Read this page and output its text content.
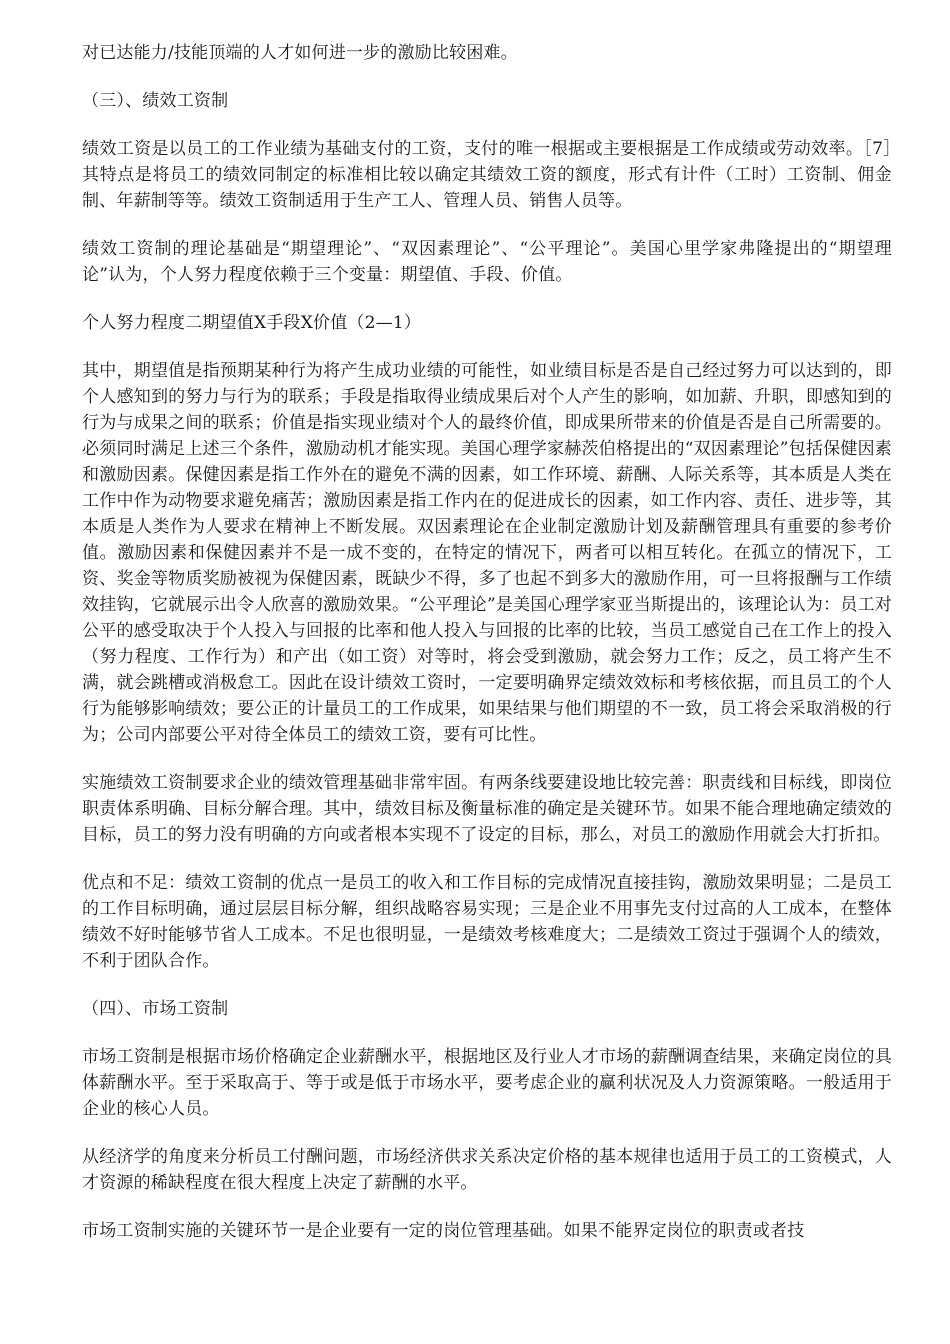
对已达能力/技能顶端的人才如何进一步的激励比较困难。

（三）、绩效工资制

绩效工资是以员工的工作业绩为基础支付的工资，支付的唯一根据或主要根据是工作成绩或劳动效率。［7］其特点是将员工的绩效同制定的标准相比较以确定其绩效工资的额度，形式有计件（工时）工资制、佣金制、年薪制等等。绩效工资制适用于生产工人、管理人员、销售人员等。

绩效工资制的理论基础是“期望理论”、“双因素理论”、“公平理论”。美国心里学家弗隆提出的“期望理论”认为，个人努力程度依赖于三个变量：期望值、手段、价值。

个人努力程度二期望值X手段X价值（2—1）

其中，期望值是指预期某种行为将产生成功业绩的可能性，如业绩目标是否是自己经过努力可以达到的，即个人感知到的努力与行为的联系；手段是指取得业绩成果后对个人产生的影响，如加薪、升职，即感知到的行为与成果之间的联系；价值是指实现业绩对个人的最终价值，即成果所带来的价值是否是自己所需要的。必须同时满足上述三个条件，激励动机才能实现。美国心理学家赫茨伯格提出的“双因素理论”包括保健因素和激励因素。保健因素是指工作外在的避免不满的因素，如工作环境、薪酬、人际关系等，其本质是人类在工作中作为动物要求避免痛苦；激励因素是指工作内在的促进成长的因素，如工作内容、责任、进步等，其本质是人类作为人要求在精神上不断发展。双因素理论在企业制定激励计划及薪酬管理具有重要的参考价值。激励因素和保健因素并不是一成不变的，在特定的情况下，两者可以相互转化。在孤立的情况下，工资、奖金等物质奖励被视为保健因素，既缺少不得，多了也起不到多大的激励作用，可一旦将报酬与工作绩效挂钩，它就展示出令人欣喜的激励效果。“公平理论”是美国心理学家亚当斯提出的，该理论认为：员工对公平的感受取决于个人投入与回报的比率和他人投入与回报的比率的比较，当员工感觉自己在工作上的投入（努力程度、工作行为）和产出（如工资）对等时，将会受到激励，就会努力工作；反之，员工将产生不满，就会跳槽或消极怠工。因此在设计绩效工资时，一定要明确界定绩效效标和考核依据，而且员工的个人行为能够影响绩效；要公正的计量员工的工作成果，如果结果与他们期望的不一致，员工将会采取消极的行为；公司内部要公平对待全体员工的绩效工资，要有可比性。

实施绩效工资制要求企业的绩效管理基础非常牢固。有两条线要建设地比较完善：职责线和目标线，即岗位职责体系明确、目标分解合理。其中，绩效目标及衡量标准的确定是关键环节。如果不能合理地确定绩效的目标，员工的努力没有明确的方向或者根本实现不了设定的目标，那么，对员工的激励作用就会大打折扣。

优点和不足：绩效工资制的优点一是员工的收入和工作目标的完成情况直接挂钩，激励效果明显；二是员工的工作目标明确，通过层层目标分解，组织战略容易实现；三是企业不用事先支付过高的人工成本，在整体绩效不好时能够节省人工成本。不足也很明显，一是绩效考核难度大；二是绩效工资过于强调个人的绩效，不利于团队合作。

（四）、市场工资制

市场工资制是根据市场价格确定企业薪酬水平，根据地区及行业人才市场的薪酬调查结果，来确定岗位的具体薪酬水平。至于采取高于、等于或是低于市场水平，要考虑企业的赢利状况及人力资源策略。一般适用于企业的核心人员。

从经济学的角度来分析员工付酬问题，市场经济供求关系决定价格的基本规律也适用于员工的工资模式，人才资源的稀缺程度在很大程度上决定了薪酬的水平。

市场工资制实施的关键环节一是企业要有一定的岗位管理基础。如果不能界定岗位的职责或者技
